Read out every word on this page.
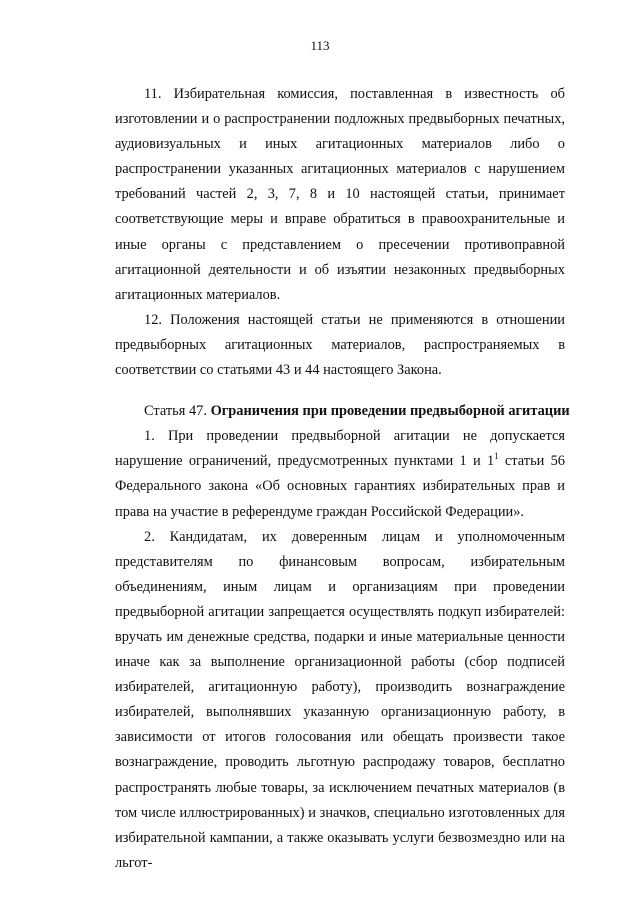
113

11. Избирательная комиссия, поставленная в известность об изготовлении и о распространении подложных предвыборных печатных, аудиовизуальных и иных агитационных материалов либо о распространении указанных агитационных материалов с нарушением требований частей 2, 3, 7, 8 и 10 настоящей статьи, принимает соответствующие меры и вправе обратиться в правоохранительные и иные органы с представлением о пресечении противоправной агитационной деятельности и об изъятии незаконных предвыборных агитационных материалов.

12. Положения настоящей статьи не применяются в отношении предвыборных агитационных материалов, распространяемых в соответствии со статьями 43 и 44 настоящего Закона.

Статья 47. Ограничения при проведении предвыборной агитации

1. При проведении предвыборной агитации не допускается нарушение ограничений, предусмотренных пунктами 1 и $1^1$ статьи 56 Федерального закона «Об основных гарантиях избирательных прав и права на участие в референдуме граждан Российской Федерации».

2. Кандидатам, их доверенным лицам и уполномоченным представителям по финансовым вопросам, избирательным объединениям, иным лицам и организациям при проведении предвыборной агитации запрещается осуществлять подкуп избирателей: вручать им денежные средства, подарки и иные материальные ценности иначе как за выполнение организационной работы (сбор подписей избирателей, агитационную работу), производить вознаграждение избирателей, выполнявших указанную организационную работу, в зависимости от итогов голосования или обещать произвести такое вознаграждение, проводить льготную распродажу товаров, бесплатно распространять любые товары, за исключением печатных материалов (в том числе иллюстрированных) и значков, специально изготовленных для избирательной кампании, а также оказывать услуги безвозмездно или на льгот-
